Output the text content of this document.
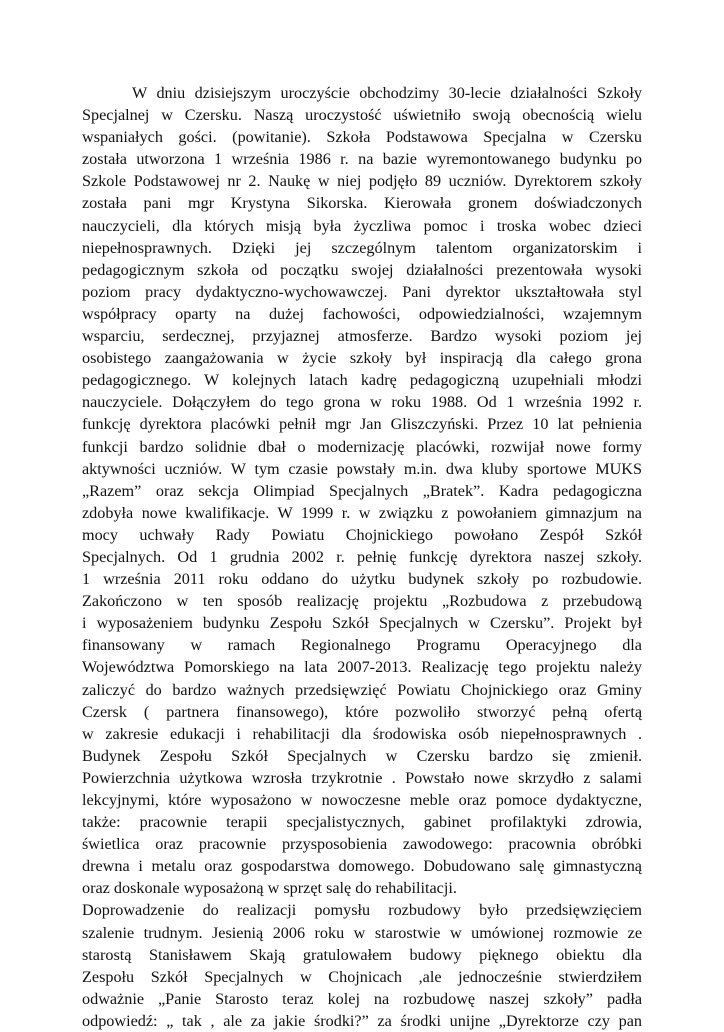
W dniu dzisiejszym uroczyście obchodzimy 30-lecie działalności Szkoły
Specjalnej w Czersku. Naszą uroczystość uświetniło swoją obecnością wielu
wspaniałych gości. (powitanie). Szkoła Podstawowa Specjalna w Czersku
została utworzona 1 września 1986 r. na bazie wyremontowanego budynku po
Szkole Podstawowej nr 2. Naukę w niej podjęło 89 uczniów. Dyrektorem szkoły
została pani mgr Krystyna Sikorska. Kierowała gronem doświadczonych
nauczycieli, dla których misją była życzliwa pomoc i troska wobec dzieci
niepełnosprawnych. Dzięki jej szczególnym talentom organizatorskim i
pedagogicznym szkoła od początku swojej działalności prezentowała wysoki
poziom pracy dydaktyczno-wychowawczej. Pani dyrektor ukształtowała styl
współpracy oparty na dużej fachowości, odpowiedzialności, wzajemnym
wsparciu, serdecznej, przyjaznej atmosferze. Bardzo wysoki poziom jej
osobistego zaangażowania w życie szkoły był inspiracją dla całego grona
pedagogicznego. W kolejnych latach kadrę pedagogiczną uzupełniali młodzi
nauczyciele. Dołączyłem do tego grona w roku 1988. Od 1 września 1992 r.
funkcję dyrektora placówki pełnił mgr Jan Gliszczyński. Przez 10 lat pełnienia
funkcji bardzo solidnie dbał o modernizację placówki, rozwijał nowe formy
aktywności uczniów. W tym czasie powstały m.in. dwa kluby sportowe MUKS
„Razem” oraz sekcja Olimpiad Specjalnych „Bratek”. Kadra pedagogiczna
zdobyła nowe kwalifikacje. W 1999 r. w związku z powołaniem gimnazjum na
mocy uchwały Rady Powiatu Chojnickiego powołano Zespół Szkół
Specjalnych. Od 1 grudnia 2002 r. pełnię funkcję dyrektora naszej szkoły.
1 września 2011 roku oddano do użytku budynek szkoły po rozbudowie.
Zakończono w ten sposób realizację projektu „Rozbudowa z przebudową
i wyposażeniem budynku Zespołu Szkół Specjalnych w Czersku”. Projekt był
finansowany w ramach Regionalnego Programu Operacyjnego dla
Województwa Pomorskiego na lata 2007-2013. Realizację tego projektu należy
zaliczyć do bardzo ważnych przedsięwzięć Powiatu Chojnickiego oraz Gminy
Czersk ( partnera finansowego), które pozwoliło stworzyć pełną ofertą
w zakresie edukacji i rehabilitacji dla środowiska osób niepełnosprawnych .
Budynek Zespołu Szkół Specjalnych w Czersku bardzo się zmienił.
Powierzchnia użytkowa wzrosła trzykrotnie . Powstało nowe skrzydło z salami
lekcyjnymi, które wyposażono w nowoczesne meble oraz pomoce dydaktyczne,
także: pracownie terapii specjalistycznych, gabinet profilaktyki zdrowia,
świetlica oraz pracownie przysposobienia zawodowego: pracownia obróbki
drewna i metalu oraz gospodarstwa domowego. Dobudowano salę gimnastyczną
oraz doskonale wyposażoną w sprzęt salę do rehabilitacji.
Doprowadzenie do realizacji pomysłu rozbudowy było przedsięwzięciem
szalenie trudnym. Jesienią 2006 roku w starostwie w umówionej rozmowie ze
starostą Stanisławem Skają gratulowałem budowy pięknego obiektu dla
Zespołu Szkół Specjalnych w Chojnicach ,ale jednocześnie stwierdziłem
odważnie „Panie Starosto teraz kolej na rozbudowę naszej szkoły” padła
odpowiedź: „ tak , ale za jakie środki?” za środki unijne „Dyrektorze czy pan
